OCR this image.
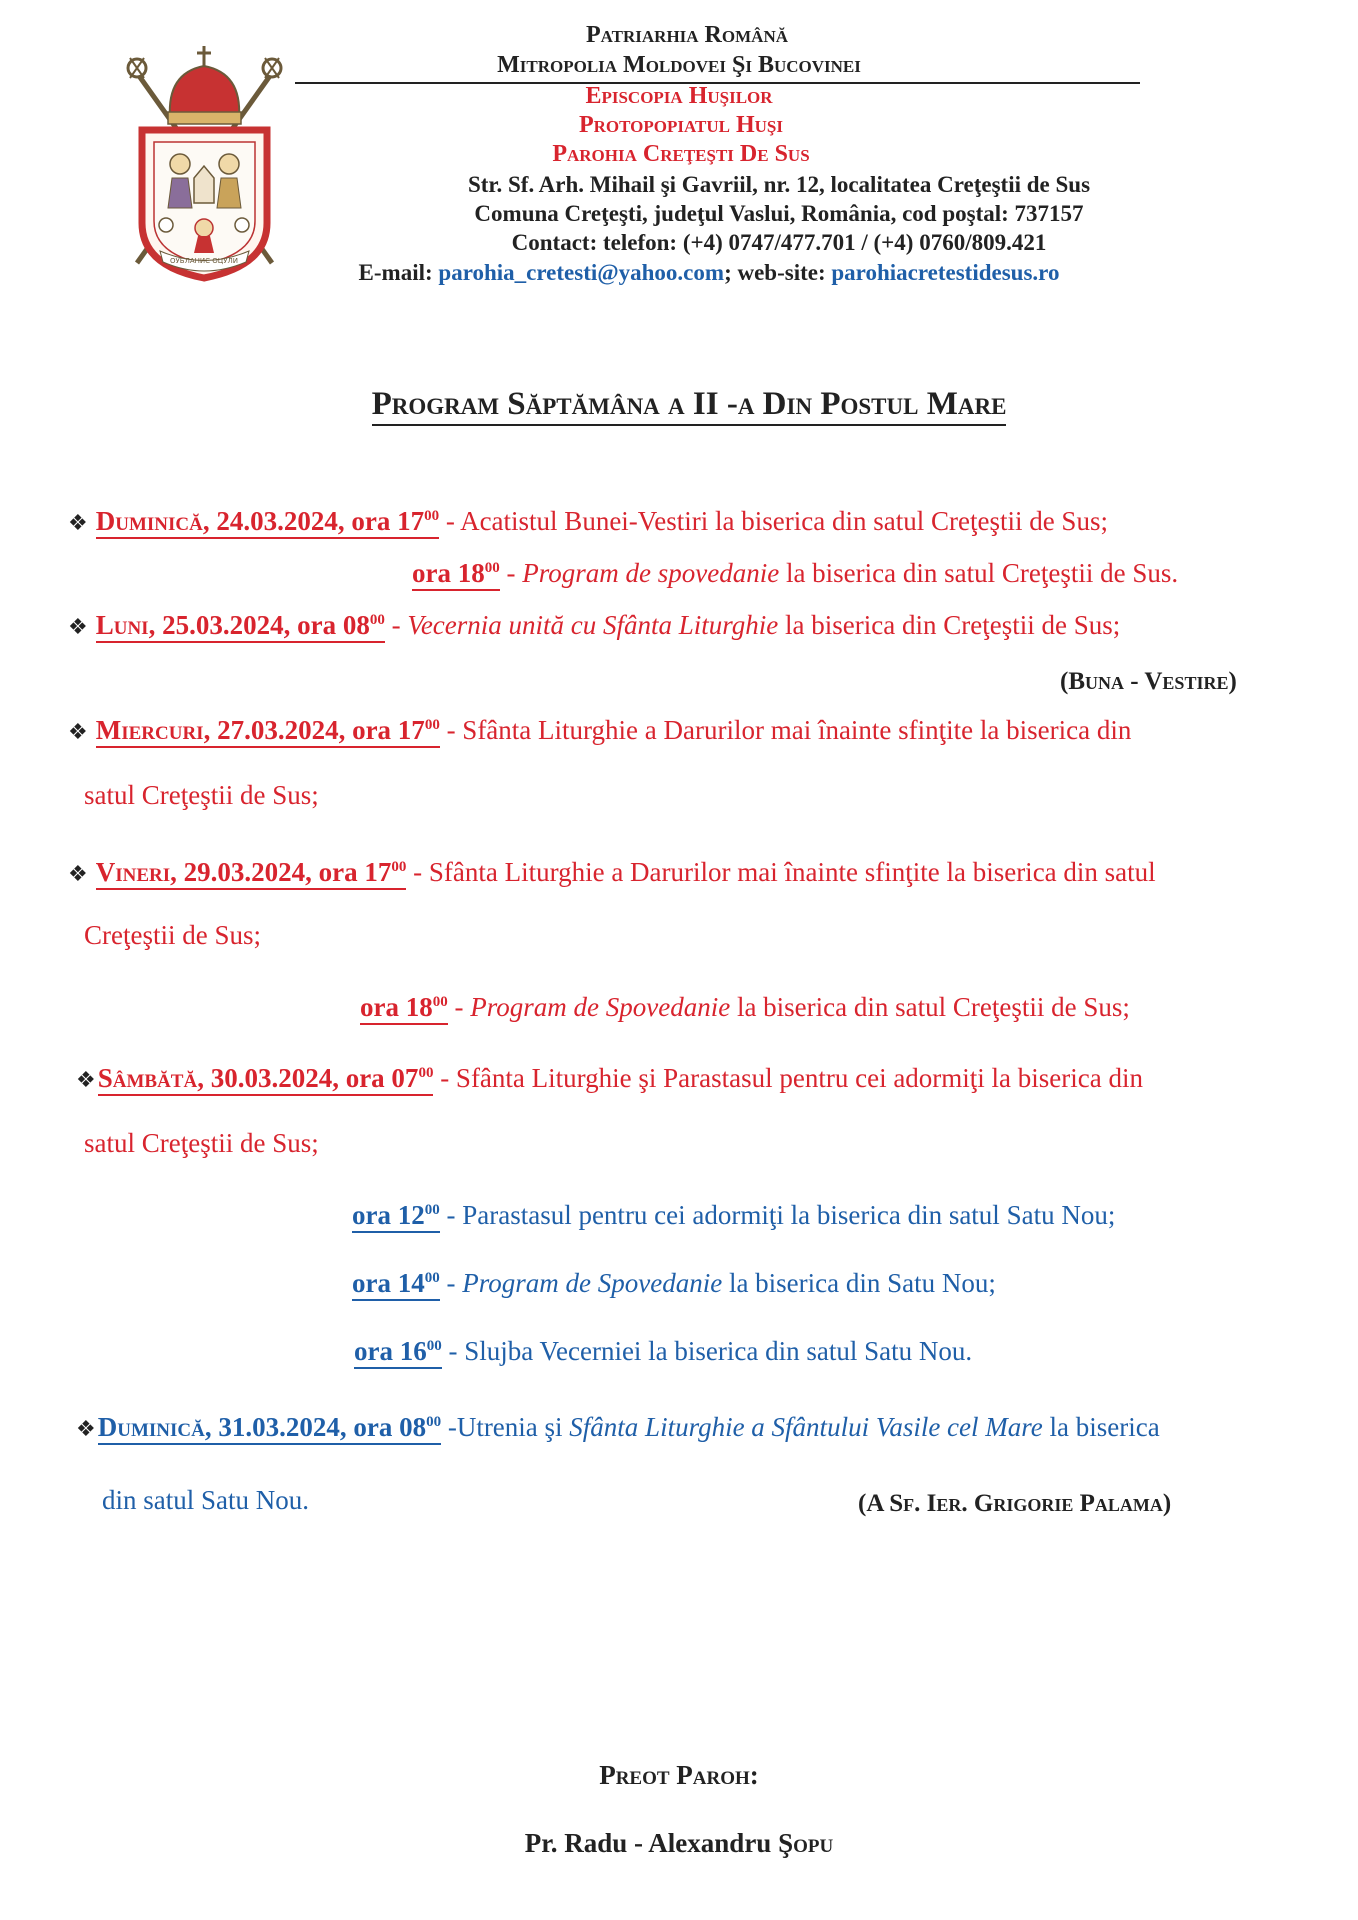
ОУБЛАНИЄ ОЦУЛИ
Patriarhia Română
Mitropolia Moldovei Şi Bucovinei
Episcopia Huşilor
Protopopiatul Huşi
Parohia Creţeşti De Sus
Str. Sf. Arh. Mihail şi Gavriil, nr. 12, localitatea Creţeştii de Sus
Comuna Creţeşti, judeţul Vaslui, România, cod poştal: 737157
Contact: telefon: (+4) 0747/477.701 / (+4) 0760/809.421
E-mail: parohia_cretesti@yahoo.com; web-site: parohiacretestidesus.ro
Program Săptămâna a II -a Din Postul Mare
❖ Duminică, 24.03.2024, ora $17^{00}$ - Acatistul Bunei-Vestiri la biserica din satul Creţeştii de Sus;
ora $18^{00}$ - Program de spovedanie la biserica din satul Creţeştii de Sus.
❖ Luni, 25.03.2024, ora $08^{00}$ - Vecernia unită cu Sfânta Liturghie la biserica din Creţeştii de Sus;
(Buna - Vestire)
❖ Miercuri, 27.03.2024, ora $17^{00}$ - Sfânta Liturghie a Darurilor mai înainte sfinţite la biserica din
satul Creţeştii de Sus;
❖ Vineri, 29.03.2024, ora $17^{00}$ - Sfânta Liturghie a Darurilor mai înainte sfinţite la biserica din satul
Creţeştii de Sus;
ora $18^{00}$ - Program de Spovedanie la biserica din satul Creţeştii de Sus;
❖Sâmbătă, 30.03.2024, ora $07^{00}$ - Sfânta Liturghie şi Parastasul pentru cei adormiţi la biserica din
satul Creţeştii de Sus;
ora $12^{00}$ - Parastasul pentru cei adormiţi la biserica din satul Satu Nou;
ora $14^{00}$ - Program de Spovedanie la biserica din Satu Nou;
ora $16^{00}$ - Slujba Vecerniei la biserica din satul Satu Nou.
❖Duminică, 31.03.2024, ora $08^{00}$ -Utrenia şi Sfânta Liturghie a Sfântului Vasile cel Mare la biserica
din satul Satu Nou.	(A Sf. Ier. Grigorie Palama)
Preot Paroh:
Pr. Radu - Alexandru Şopu
